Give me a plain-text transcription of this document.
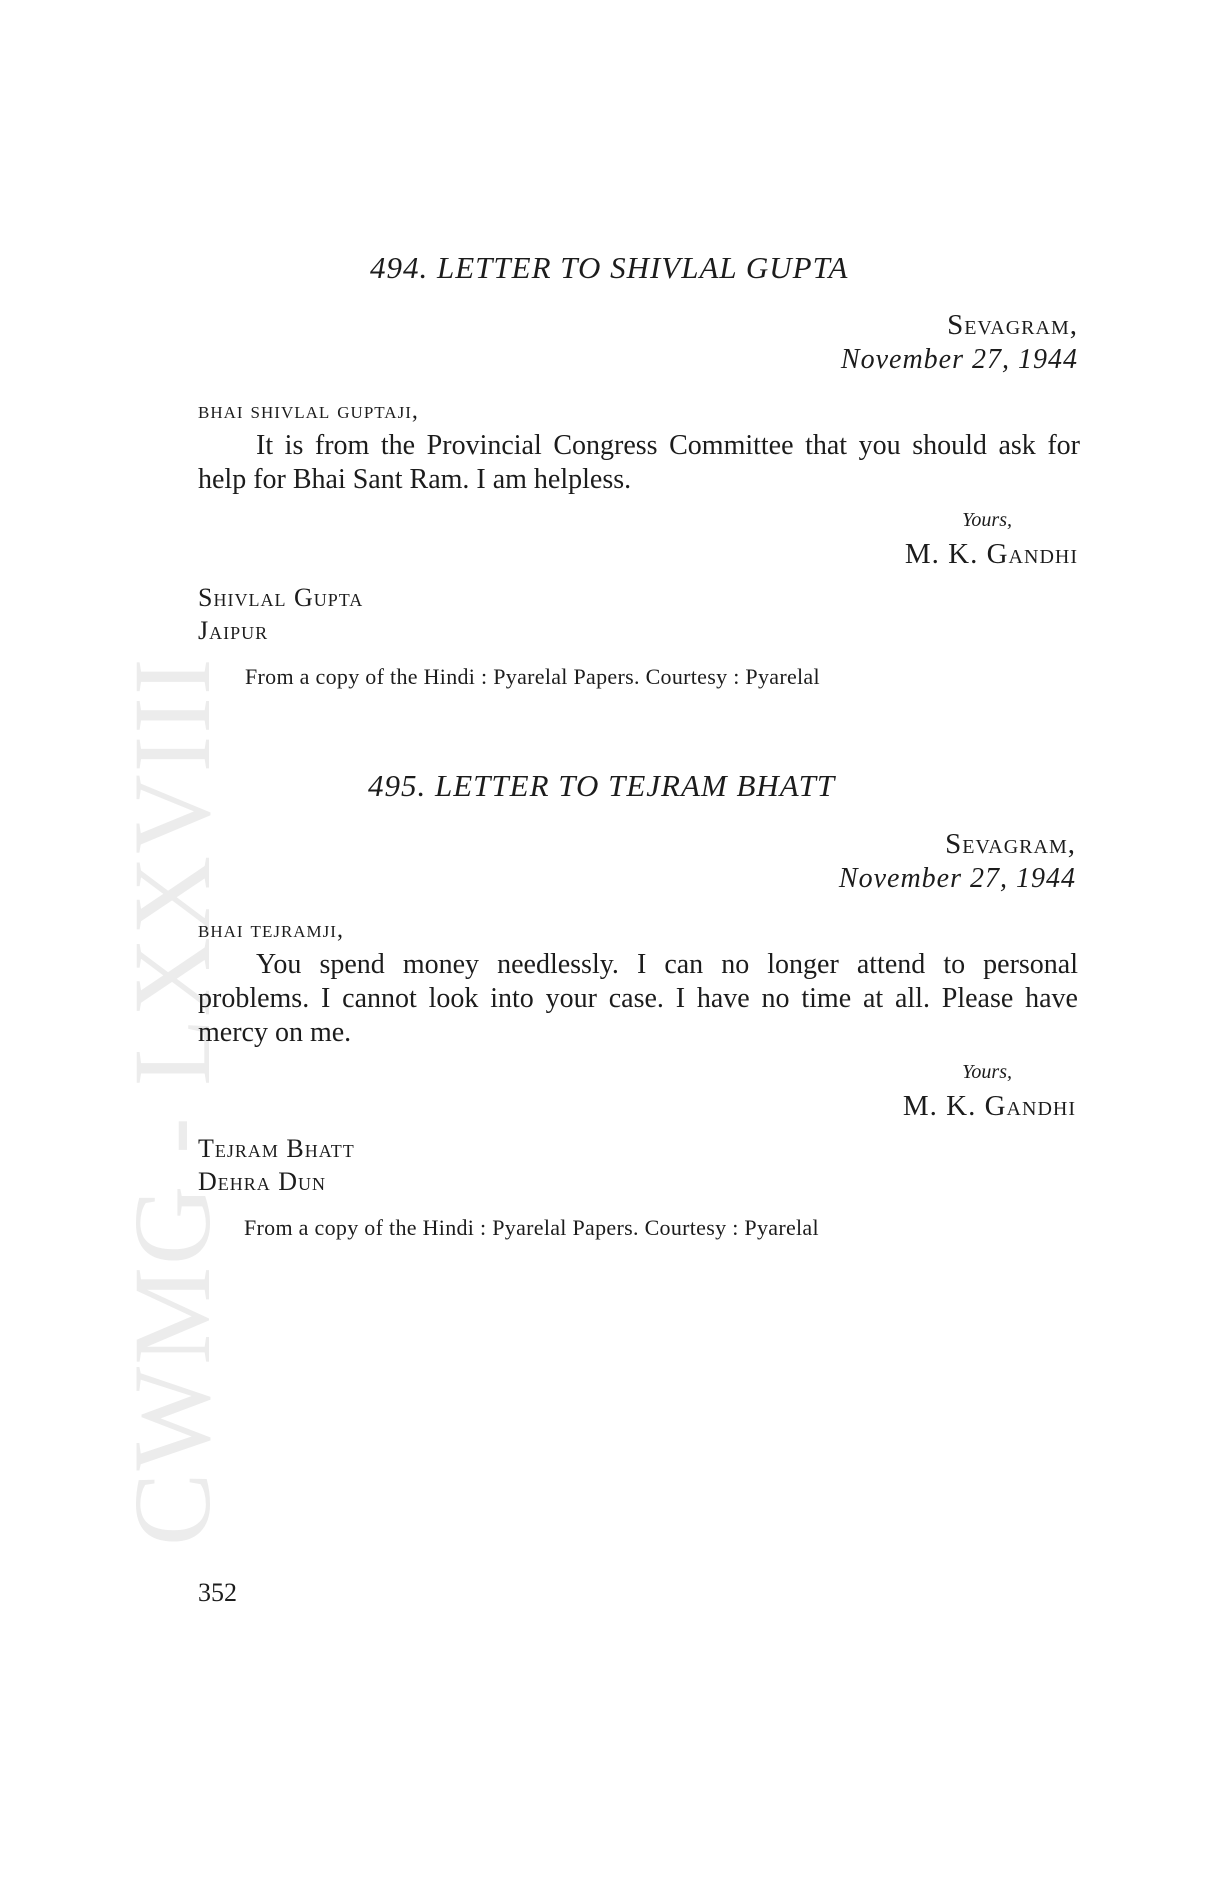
CWMG - LXXVIII
494. LETTER TO SHIVLAL GUPTA
Sevagram,
November 27, 1944
bhai shivlal guptaji,

It is from the Provincial Congress Committee that you should ask for help for Bhai Sant Ram. I am helpless.

Yours,
M. K. Gandhi
Shivlal Gupta
Jaipur
From a copy of the Hindi : Pyarelal Papers. Courtesy : Pyarelal
495. LETTER TO TEJRAM BHATT
Sevagram,
November 27, 1944
bhai tejramji,

You spend money needlessly. I can no longer attend to personal problems. I cannot look into your case. I have no time at all. Please have mercy on me.

Yours,
M. K. Gandhi
Tejram Bhatt
Dehra Dun
From a copy of the Hindi : Pyarelal Papers. Courtesy : Pyarelal
352
